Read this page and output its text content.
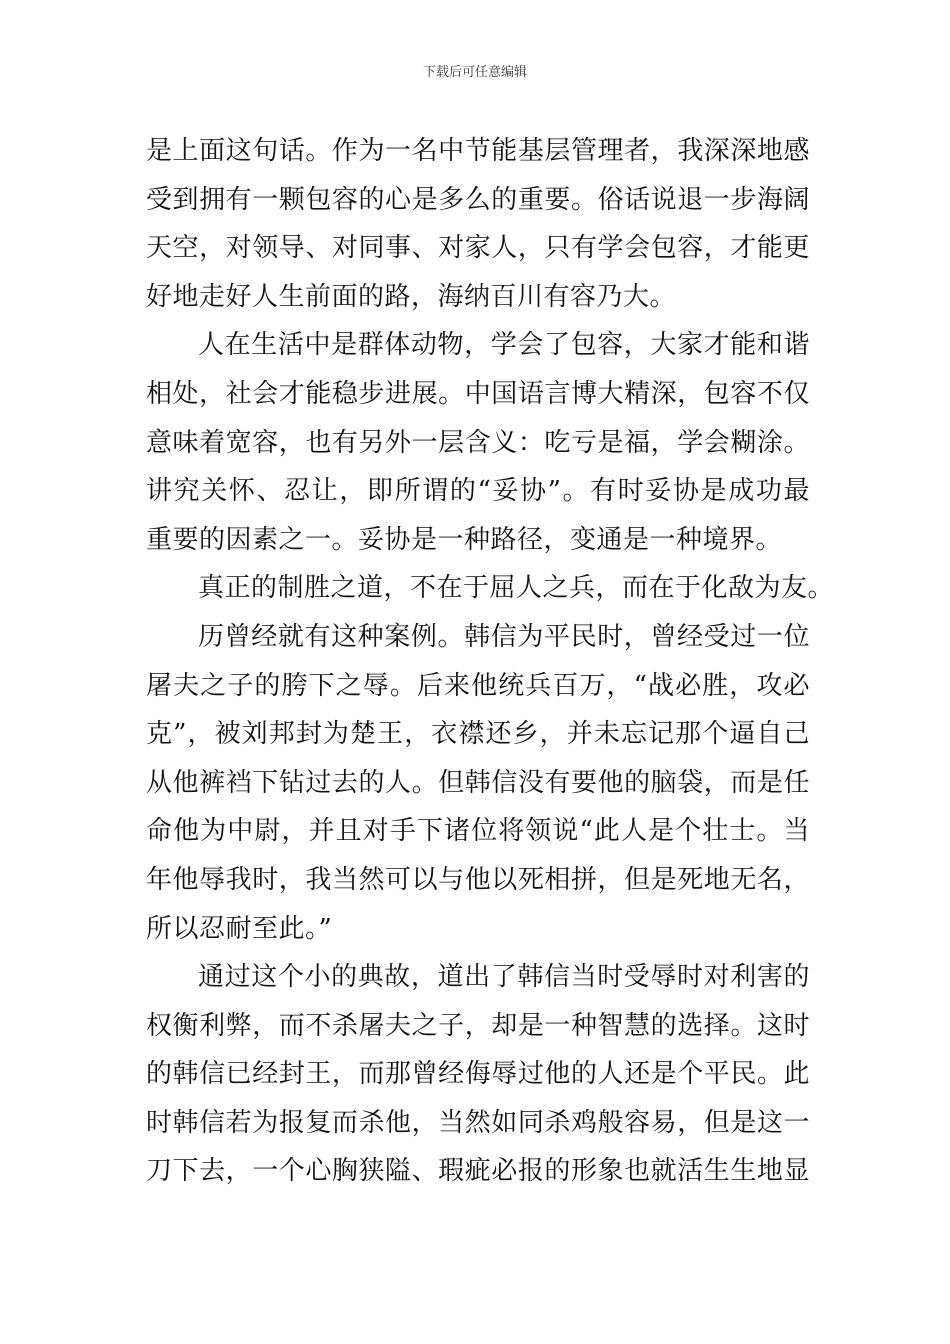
下载后可任意编辑
是上面这句话。作为一名中节能基层管理者，我深深地感
受到拥有一颗包容的心是多么的重要。俗话说退一步海阔
天空，对领导、对同事、对家人，只有学会包容，才能更
好地走好人生前面的路，海纳百川有容乃大。
人在生活中是群体动物，学会了包容，大家才能和谐
相处，社会才能稳步进展。中国语言博大精深，包容不仅
意味着宽容，也有另外一层含义：吃亏是福，学会糊涂。
讲究关怀、忍让，即所谓的“妥协”。有时妥协是成功最
重要的因素之一。妥协是一种路径，变通是一种境界。
真正的制胜之道，不在于屈人之兵，而在于化敌为友。
历曾经就有这种案例。韩信为平民时，曾经受过一位
屠夫之子的胯下之辱。后来他统兵百万，“战必胜，攻必
克”，被刘邦封为楚王，衣襟还乡，并未忘记那个逼自己
从他裤裆下钻过去的人。但韩信没有要他的脑袋，而是任
命他为中尉，并且对手下诸位将领说“此人是个壮士。当
年他辱我时，我当然可以与他以死相拼，但是死地无名，
所以忍耐至此。”
通过这个小的典故，道出了韩信当时受辱时对利害的
权衡利弊，而不杀屠夫之子，却是一种智慧的选择。这时
的韩信已经封王，而那曾经侮辱过他的人还是个平民。此
时韩信若为报复而杀他，当然如同杀鸡般容易，但是这一
刀下去，一个心胸狭隘、瑕疵必报的形象也就活生生地显
